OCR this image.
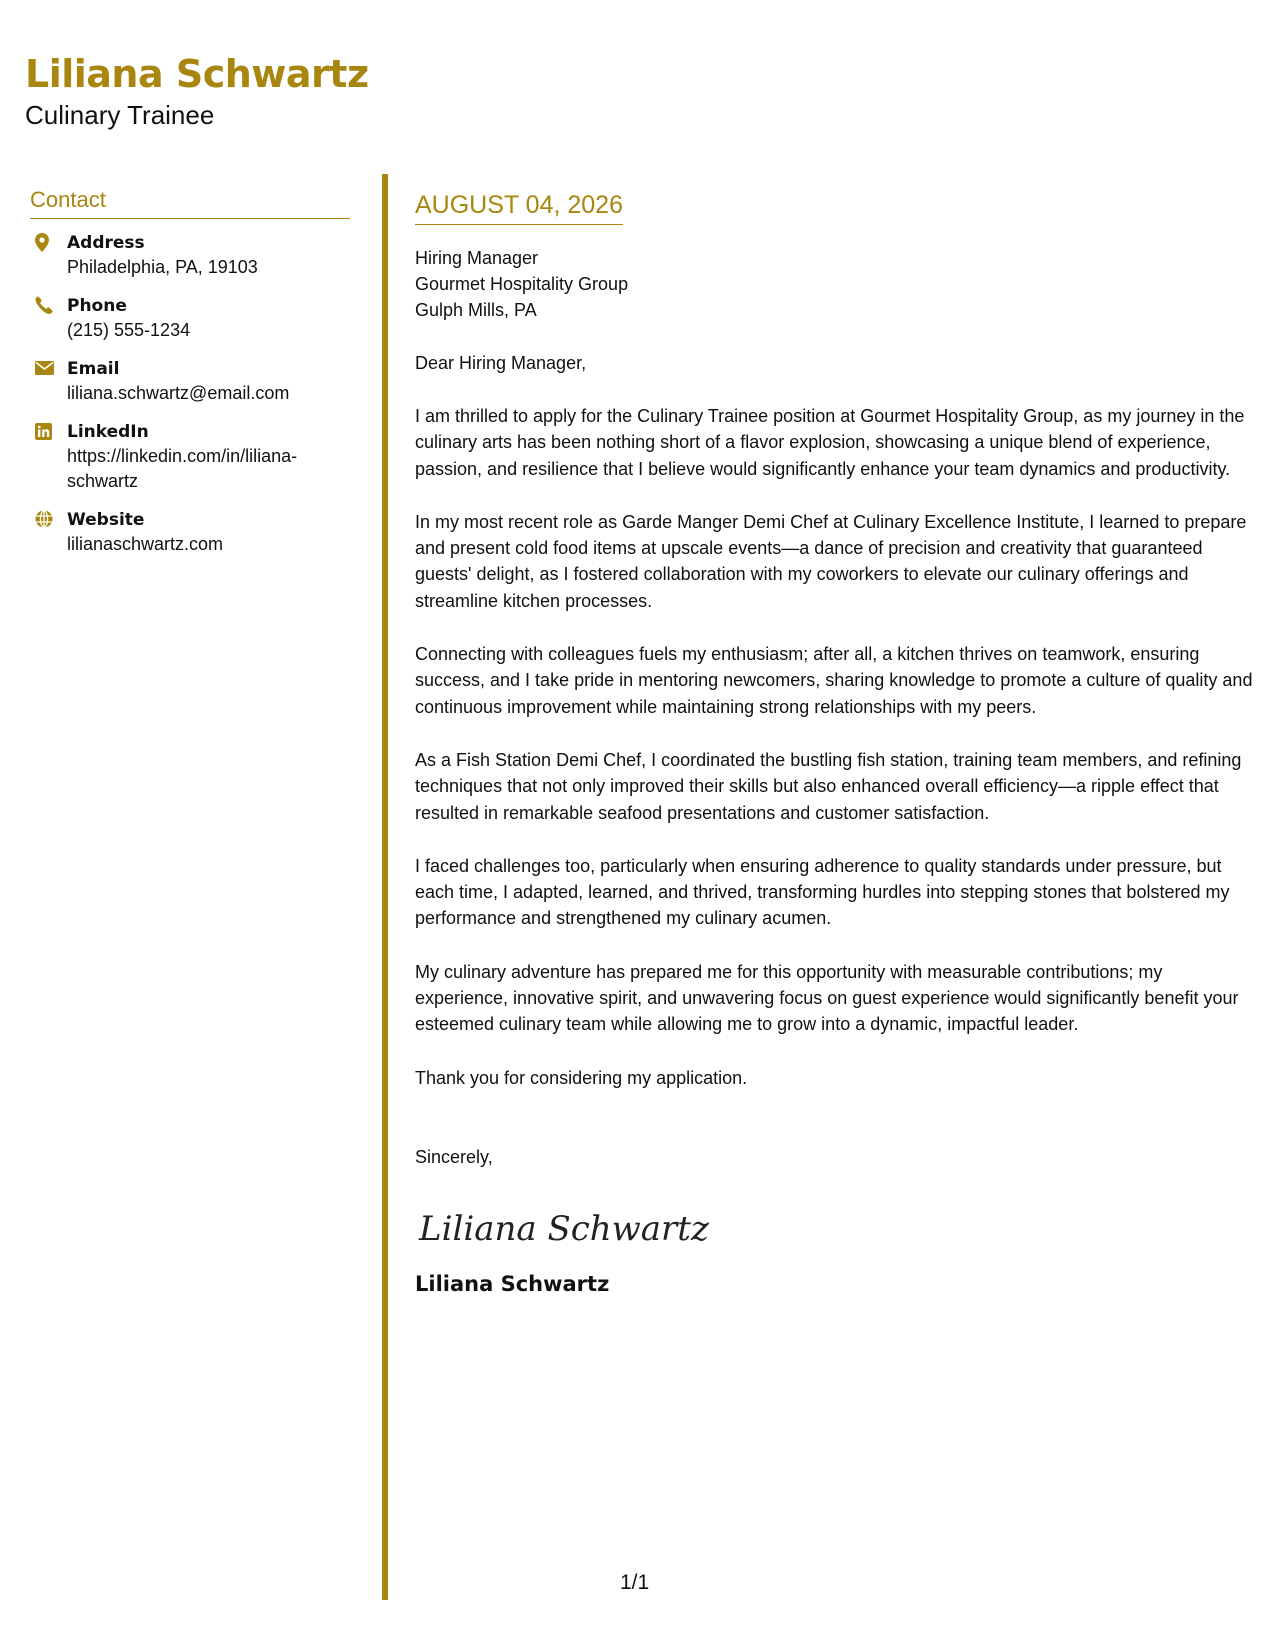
Liliana Schwartz
Culinary Trainee
Contact
Address
Philadelphia, PA, 19103
Phone
(215) 555-1234
Email
liliana.schwartz@email.com
LinkedIn
https://linkedin.com/in/liliana-
schwartz
Website
lilianaschwartz.com
AUGUST 04, 2026
Hiring Manager
Gourmet Hospitality Group
Gulph Mills, PA
Dear Hiring Manager,

I am thrilled to apply for the Culinary Trainee position at Gourmet Hospitality Group, as my journey in the culinary arts has been nothing short of a flavor explosion, showcasing a unique blend of experience, passion, and resilience that I believe would significantly enhance your team dynamics and productivity.

In my most recent role as Garde Manger Demi Chef at Culinary Excellence Institute, I learned to prepare and present cold food items at upscale events—a dance of precision and creativity that guaranteed guests' delight, as I fostered collaboration with my coworkers to elevate our culinary offerings and streamline kitchen processes.

Connecting with colleagues fuels my enthusiasm; after all, a kitchen thrives on teamwork, ensuring success, and I take pride in mentoring newcomers, sharing knowledge to promote a culture of quality and continuous improvement while maintaining strong relationships with my peers.

As a Fish Station Demi Chef, I coordinated the bustling fish station, training team members, and refining techniques that not only improved their skills but also enhanced overall efficiency—a ripple effect that resulted in remarkable seafood presentations and customer satisfaction.

I faced challenges too, particularly when ensuring adherence to quality standards under pressure, but each time, I adapted, learned, and thrived, transforming hurdles into stepping stones that bolstered my performance and strengthened my culinary acumen.

My culinary adventure has prepared me for this opportunity with measurable contributions; my experience, innovative spirit, and unwavering focus on guest experience would significantly benefit your esteemed culinary team while allowing me to grow into a dynamic, impactful leader.

Thank you for considering my application.

Sincerely,
Liliana Schwartz
Liliana Schwartz
1/1
